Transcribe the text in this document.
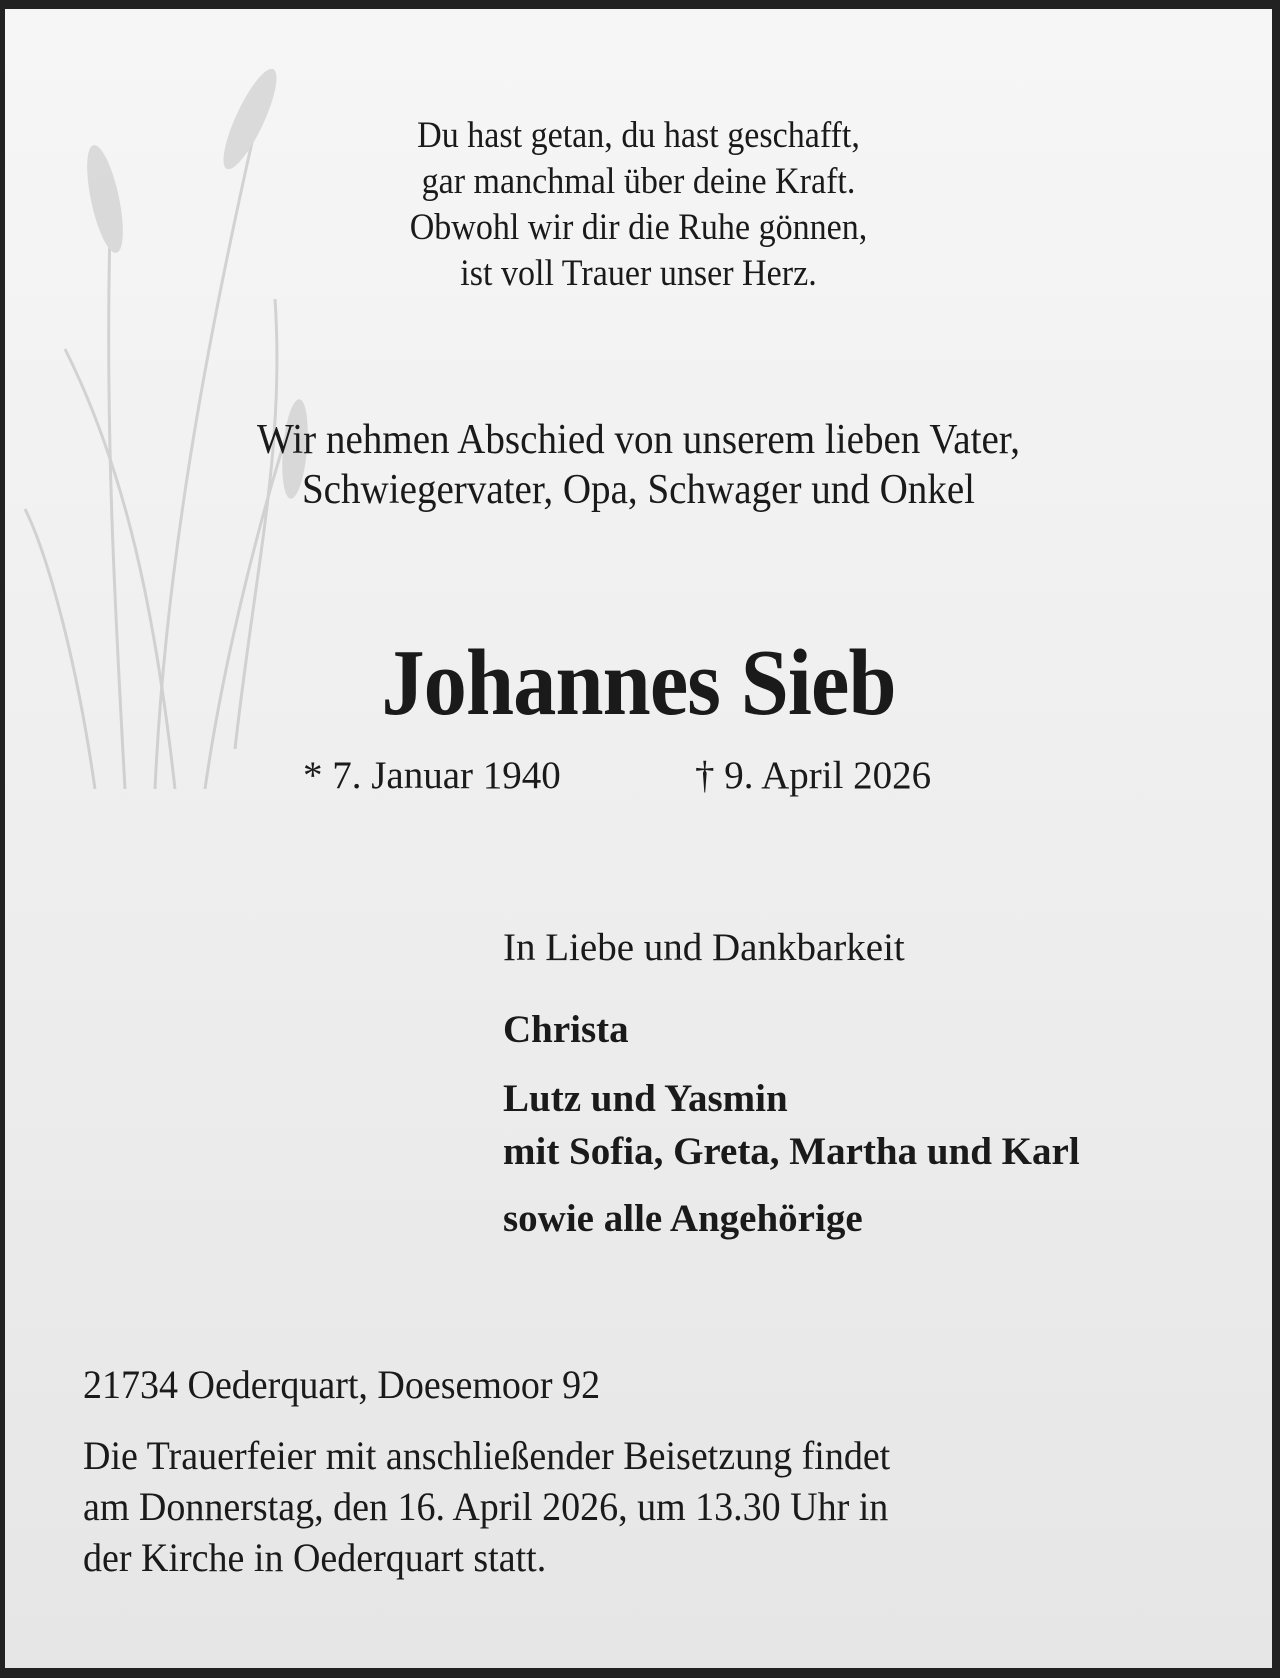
Du hast getan, du hast geschafft,
gar manchmal über deine Kraft.
Obwohl wir dir die Ruhe gönnen,
ist voll Trauer unser Herz.
Wir nehmen Abschied von unserem lieben Vater,
Schwiegervater, Opa, Schwager und Onkel
Johannes Sieb
* 7. Januar 1940	† 9. April 2026
In Liebe und Dankbarkeit
Christa
Lutz und Yasmin
mit Sofia, Greta, Martha und Karl
sowie alle Angehörige
21734 Oederquart, Doesemoor 92
Die Trauerfeier mit anschließender Beisetzung findet
am Donnerstag, den 16. April 2026, um 13.30 Uhr in
der Kirche in Oederquart statt.
